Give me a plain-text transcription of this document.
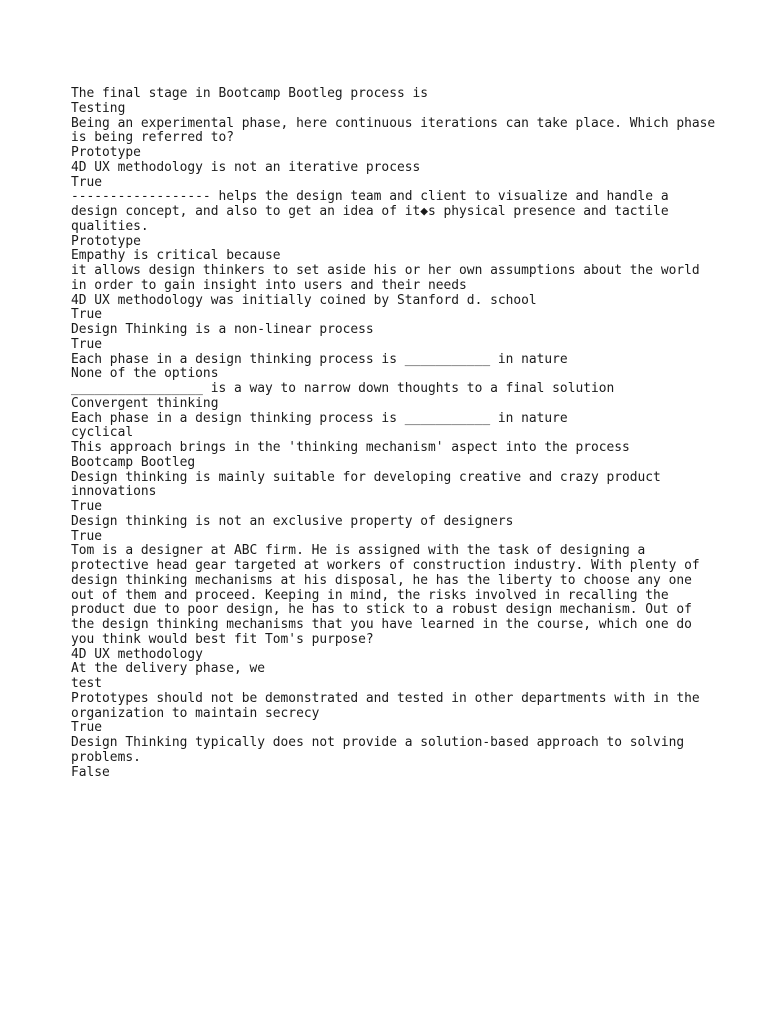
The final stage in Bootcamp Bootleg process is
Testing
Being an experimental phase, here continuous iterations can take place. Which phase
is being referred to?
Prototype
4D UX methodology is not an iterative process
True
------------------ helps the design team and client to visualize and handle a
design concept, and also to get an idea of it◆s physical presence and tactile
qualities.
Prototype
Empathy is critical because
it allows design thinkers to set aside his or her own assumptions about the world
in order to gain insight into users and their needs
4D UX methodology was initially coined by Stanford d. school
True
Design Thinking is a non-linear process
True
Each phase in a design thinking process is ___________ in nature
None of the options
_________________ is a way to narrow down thoughts to a final solution
Convergent thinking
Each phase in a design thinking process is ___________ in nature
cyclical
This approach brings in the 'thinking mechanism' aspect into the process
Bootcamp Bootleg
Design thinking is mainly suitable for developing creative and crazy product
innovations
True
Design thinking is not an exclusive property of designers
True
Tom is a designer at ABC firm. He is assigned with the task of designing a
protective head gear targeted at workers of construction industry. With plenty of
design thinking mechanisms at his disposal, he has the liberty to choose any one
out of them and proceed. Keeping in mind, the risks involved in recalling the
product due to poor design, he has to stick to a robust design mechanism. Out of
the design thinking mechanisms that you have learned in the course, which one do
you think would best fit Tom's purpose?
4D UX methodology
At the delivery phase, we
test
Prototypes should not be demonstrated and tested in other departments with in the
organization to maintain secrecy
True
Design Thinking typically does not provide a solution-based approach to solving
problems.
False
